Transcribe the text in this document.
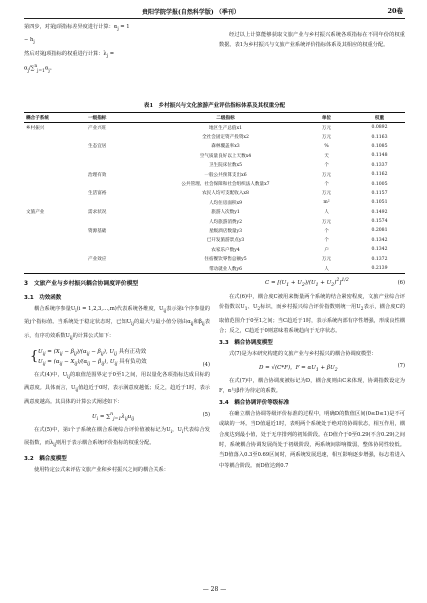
贵阳学院学报(自然科学版) （季刊）	20卷

第四步，对第j项指标差异度进行计算：$\alpha_j = 1$
− $h_j$

然后对第j项指标的权重进行计算：$\lambda_j$ =
$\alpha_j/\sum^n_{j=1}\alpha_j$。

经过以上计算能够获取文旅产业与乡村振兴系统各项指标在不同年份的权重数据。表1为乡村振兴与文旅产业系统评价指标体系及其相应的权重分配。

表1　乡村振兴与文化旅游产业评估指标体系及其权重分配
耦合子系统	一级指标	二级指标	单位	权重
乡村振兴	产业兴旺	地区生产总值x1	万元	0.0892
		全社会固定资产投资x2	万元	0.1163
	生态宜居	森林覆盖率x3	%	0.1085
		空气质量良好以上天数x4	天	0.1148
		卫生院床位数x5	个	0.1337
	治理有效	一般公共预算支出x6	万元	0.1162
		公共管理、社会保障和社会组织法人数量x7	个	0.1005
	生活富裕	农民人均可支配收入x8	万元	0.1157
		人均住房面积x9	m²	0.1051
文旅产业	需求状况	旅游人次数y1	人	0.1492
		人均旅游消费y2	万元	0.1574
	资源基础	星级酒店数量y3	个	0.2081
		已开发旅游景点y3	个	0.1342
		农家乐户数y4	户	0.1342
	产业效应	住宿餐饮零售总额y5	万元	0.1372
		带动就业人数y6	人	0.2139
3　文旅产业与乡村振兴耦合协调度评价模型
3.1　功效函数

耦合系统序参量$U_i(i$ = 1,2,3,…,m)代表系统各维度，$U_{ij}$表示第i个序参量的第j个指标值。当系统处于稳定状态时，已知$U_{ij}$的最大与最小值分别由$\alpha_{ij}$和$\beta_{ij}$表示，有序功效系数$U_{ij}$的计算公式如下：

{ $U_{ij} = (X_{ij} - \beta_{ij})/(\alpha_{ij} - \beta_{ij})$, $U_{ij}$ 具有正功效
$U_{ij} = (\alpha_{ij} - X_{ij})/(\alpha_{ij} - \beta_{ij})$, $U_{ij}$ 具有负功效	(4)

在式(4)中，$U_{ij}$的取值范围界定于0至1之间，用以量化各项指标达成目标的满意度。具体而言，$U_{ij}$值趋近于0时，表示满意度越低；反之，趋近于1时，表示满意度越高。其具体的计算公式阐述如下：

$U_i = \sum^n_{j=1}\lambda_{ij}u_{ij}$
(5)

在式(5)中，第i个子系统在耦合系统综合评价值被标记为$U_i$，$U_i$代表综合发展指数，而$\lambda_{ij}$则用于表示耦合系统评价指标的权重分配。

3.2　耦合度模型

使用特定公式来评估文旅产业和乡村振兴之间的耦合关系：

$C = [(U_1 + U_2)/(U_1 + U_2)^2]^{1/2}$	(6)

在式(6)中，耦合度C被用来衡量两个系统的结合紧密程度，文旅产业综合评价指数以$U_1$、$U_2$标识，而乡村振兴综合评价指数则统一用$U_2$表示，耦合度C的取值范围介于0至1之间；当C趋近于1时，表示系统内部有序性增强，形成良性耦合；反之，C趋近于0则意味着系统趋向于无序状态。

3.3　耦合协调度模型

式(7)是为本研究构建的文旅产业与乡村振兴的耦合协调度模型：

D = √(C*F)，$F = \alpha U_1 + \beta U_2$
(7)

在式(7)中，耦合协调度被标记为D，耦合度则由C来体现，协调指数设定为F，α与β作为待定的系数。

3.4　耦合协调评价等级标准

在确立耦合协调等级评价标准的过程中，明确D的数值区间(0≤D≤1)是不可或缺的一环。当D值逼近1时，表明两个系统处于绝对的协调状态，相互作用，耦合度达到最小值，处于无序排列的初始阶段。在D值介于0至0.29(不含0.29)之间时，系统耦合协调发展尚处于初级阶段，两系统间影响微弱，整体协同性较低。当D值落入0.3至0.69区间时，两系统发展迅速，相互影响逐步增强，标志着进入中等耦合阶段。而D值达到0.7

— 28 —
